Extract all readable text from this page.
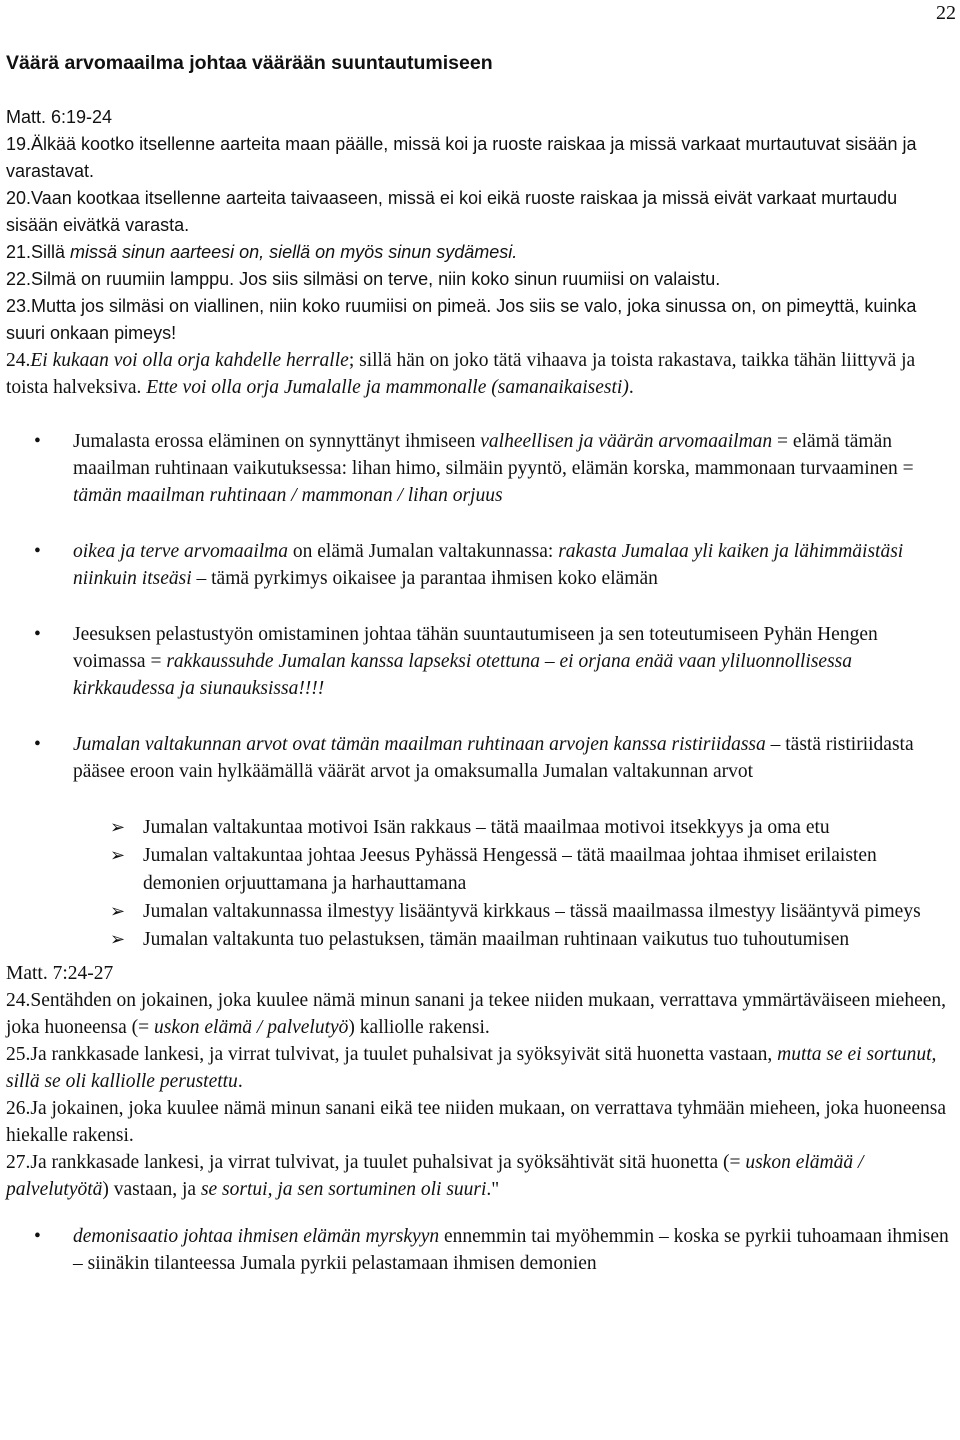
22
Väärä arvomaailma johtaa väärään suuntautumiseen
Matt. 6:19-24
19.Älkää kootko itsellenne aarteita maan päälle, missä koi ja ruoste raiskaa ja missä varkaat murtautuvat sisään ja varastavat.
20.Vaan kootkaa itsellenne aarteita taivaaseen, missä ei koi eikä ruoste raiskaa ja missä eivät varkaat murtaudu sisään eivätkä varasta.
21.Sillä missä sinun aarteesi on, siellä on myös sinun sydämesi.
22.Silmä on ruumiin lamppu. Jos siis silmäsi on terve, niin koko sinun ruumiisi on valaistu.
23.Mutta jos silmäsi on viallinen, niin koko ruumiisi on pimeä. Jos siis se valo, joka sinussa on, on pimeyttä, kuinka suuri onkaan pimeys!
24.Ei kukaan voi olla orja kahdelle herralle; sillä hän on joko tätä vihaava ja toista rakastava, taikka tähän liittyvä ja toista halveksiva. Ette voi olla orja Jumalalle ja mammonalle (samanaikaisesti).
• Jumalasta erossa eläminen on synnyttänyt ihmiseen valheellisen ja väärän arvomaailman = elämä tämän maailman ruhtinaan vaikutuksessa: lihan himo, silmäin pyyntö, elämän korska, mammonaan turvaaminen = tämän maailman ruhtinaan / mammonan / lihan orjuus
• oikea ja terve arvomaailma on elämä Jumalan valtakunnassa: rakasta Jumalaa yli kaiken ja lähimmäistäsi niinkuin itseäsi – tämä pyrkimys oikaisee ja parantaa ihmisen koko elämän
• Jeesuksen pelastustyön omistaminen johtaa tähän suuntautumiseen ja sen toteutumiseen Pyhän Hengen voimassa = rakkaussuhde Jumalan kanssa lapseksi otettuna – ei orjana enää vaan yliluonnollisessa kirkkaudessa ja siunauksissa!!!!
• Jumalan valtakunnan arvot ovat tämän maailman ruhtinaan arvojen kanssa ristiriidassa – tästä ristiriidasta pääsee eroon vain hylkäämällä väärät arvot ja omaksumalla Jumalan valtakunnan arvot
➢ Jumalan valtakuntaa motivoi Isän rakkaus – tätä maailmaa motivoi itsekkyys ja oma etu
➢ Jumalan valtakuntaa johtaa Jeesus Pyhässä Hengessä – tätä maailmaa johtaa ihmiset erilaisten demonien orjuuttamana ja harhauttamana
➢ Jumalan valtakunnassa ilmestyy lisääntyvä kirkkaus – tässä maailmassa ilmestyy lisääntyvä pimeys
➢ Jumalan valtakunta tuo pelastuksen, tämän maailman ruhtinaan vaikutus tuo tuhoutumisen
Matt. 7:24-27
24.Sentähden on jokainen, joka kuulee nämä minun sanani ja tekee niiden mukaan, verrattava ymmärtäväiseen mieheen, joka huoneensa (= uskon elämä / palvelutyö) kalliolle rakensi.
25.Ja rankkasade lankesi, ja virrat tulvivat, ja tuulet puhalsivat ja syöksyivät sitä huonetta vastaan, mutta se ei sortunut, sillä se oli kalliolle perustettu.
26.Ja jokainen, joka kuulee nämä minun sanani eikä tee niiden mukaan, on verrattava tyhmään mieheen, joka huoneensa hiekalle rakensi.
27.Ja rankkasade lankesi, ja virrat tulvivat, ja tuulet puhalsivat ja syöksähtivät sitä huonetta (= uskon elämää / palvelutyötä) vastaan, ja se sortui, ja sen sortuminen oli suuri."
• demonisaatio johtaa ihmisen elämän myrskyyn ennemmin tai myöhemmin – koska se pyrkii tuhoamaan ihmisen – siinäkin tilanteessa Jumala pyrkii pelastamaan ihmisen demonien
